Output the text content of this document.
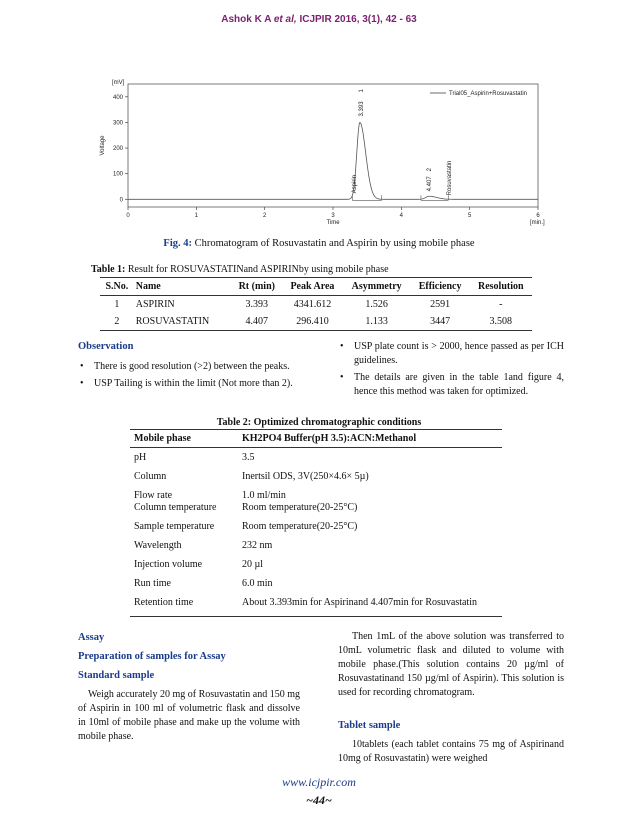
Ashok K A et al, ICJPIR 2016, 3(1), 42 - 63
0
100
200
300
400
0	1	2	3	4	5	6
[mV]
Voltage
Time	[min.]
Trial05_Aspirin+Rosuvastatin
3.393
1
Aspirin	4.407
2 Rosuvastatin
Fig. 4: Chromatogram of Rosuvastatin and Aspirin by using mobile phase
Table 1: Result for ROSUVASTATINand ASPIRINby using mobile phase
S.No.	Name	Rt (min)	Peak Area	Asymmetry	Efficiency	Resolution
1	ASPIRIN	3.393	4341.612	1.526	2591	-
2	ROSUVASTATIN	4.407	296.410	1.133	3447	3.508
Observation
• There is good resolution (>2) between the peaks.
• USP Tailing is within the limit (Not more than 2).
• USP plate count is > 2000, hence passed as per ICH guidelines.
• The details are given in the table 1and figure 4, hence this method was taken for optimized.
Table 2: Optimized chromatographic conditions
Mobile phase	KH2PO4 Buffer(pH 3.5):ACN:Methanol
pH	3.5
Column	Inertsil ODS, 3V(250×4.6× 5µ)
Flow rate	1.0 ml/min
Column temperature	Room temperature(20-25°C)
Sample temperature	Room temperature(20-25°C)
Wavelength	232 nm
Injection volume	20 µl
Run time	6.0 min
Retention time	About 3.393min for Aspirinand 4.407min for Rosuvastatin
Assay
Preparation of samples for Assay
Standard sample
Weigh accurately 20 mg of Rosuvastatin and 150 mg of Aspirin in 100 ml of volumetric flask and dissolve in 10ml of mobile phase and make up the volume with mobile phase.
Then 1mL of the above solution was transferred to 10mL volumetric flask and diluted to volume with mobile phase.(This solution contains 20 µg/ml of Rosuvastatinand 150 µg/ml of Aspirin). This solution is used for recording chromatogram.
Tablet sample
10tablets (each tablet contains 75 mg of Aspirinand 10mg of Rosuvastatin) were weighed
www.icjpir.com
~44~
